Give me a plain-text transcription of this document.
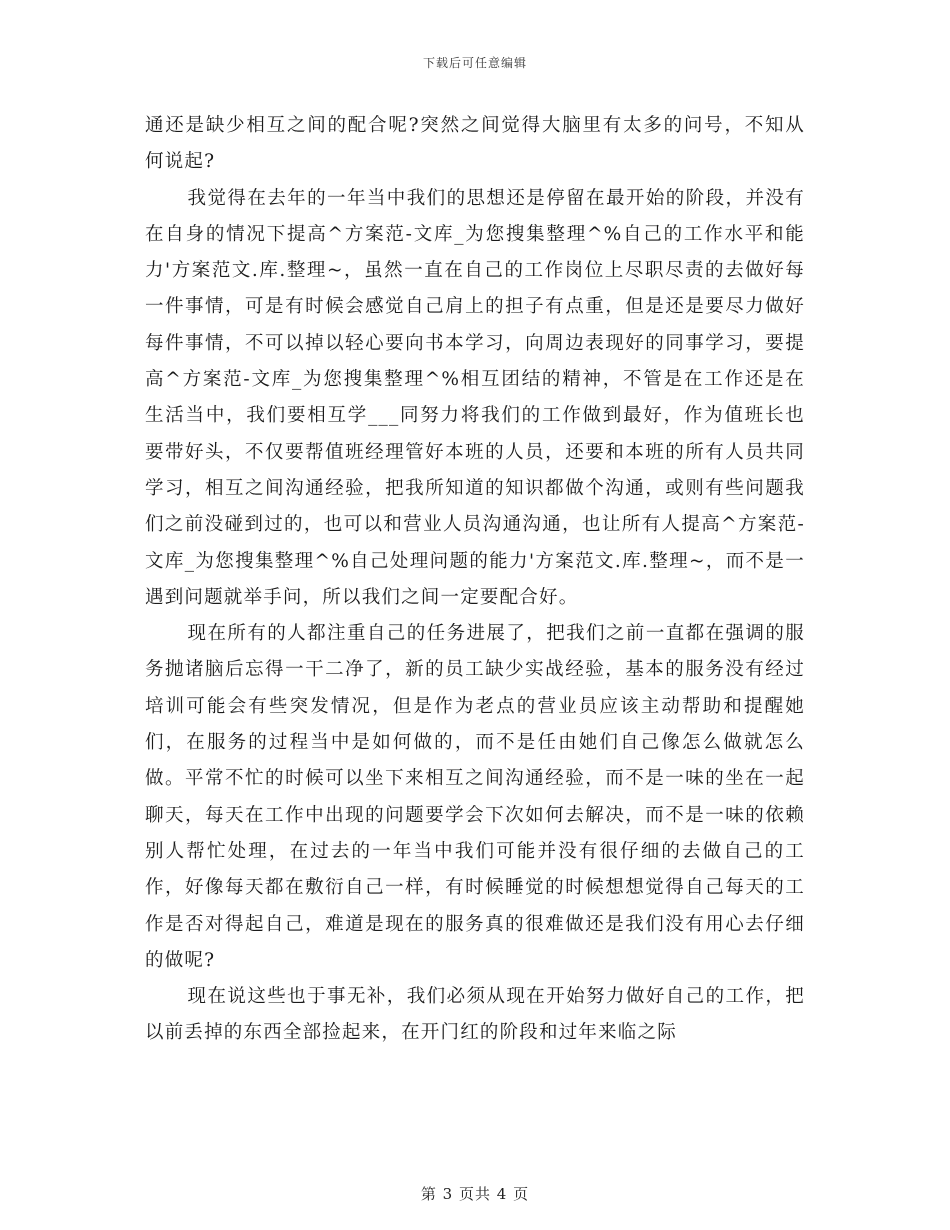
下载后可任意编辑

通还是缺少相互之间的配合呢?突然之间觉得大脑里有太多的问号，不知从何说起?

我觉得在去年的一年当中我们的思想还是停留在最开始的阶段，并没有在自身的情况下提高^方案范-文库_为您搜集整理^%自己的工作水平和能力'方案范文.库.整理~，虽然一直在自己的工作岗位上尽职尽责的去做好每一件事情，可是有时候会感觉自己肩上的担子有点重，但是还是要尽力做好每件事情，不可以掉以轻心要向书本学习，向周边表现好的同事学习，要提高^方案范-文库_为您搜集整理^%相互团结的精神，不管是在工作还是在生活当中，我们要相互学___同努力将我们的工作做到最好，作为值班长也要带好头，不仅要帮值班经理管好本班的人员，还要和本班的所有人员共同学习，相互之间沟通经验，把我所知道的知识都做个沟通，或则有些问题我们之前没碰到过的，也可以和营业人员沟通沟通，也让所有人提高^方案范-文库_为您搜集整理^%自己处理问题的能力'方案范文.库.整理~，而不是一遇到问题就举手问，所以我们之间一定要配合好。

现在所有的人都注重自己的任务进展了，把我们之前一直都在强调的服务抛诸脑后忘得一干二净了，新的员工缺少实战经验，基本的服务没有经过培训可能会有些突发情况，但是作为老点的营业员应该主动帮助和提醒她们，在服务的过程当中是如何做的，而不是任由她们自己像怎么做就怎么做。平常不忙的时候可以坐下来相互之间沟通经验，而不是一味的坐在一起聊天，每天在工作中出现的问题要学会下次如何去解决，而不是一味的依赖别人帮忙处理，在过去的一年当中我们可能并没有很仔细的去做自己的工作，好像每天都在敷衍自己一样，有时候睡觉的时候想想觉得自己每天的工作是否对得起自己，难道是现在的服务真的很难做还是我们没有用心去仔细的做呢?

现在说这些也于事无补，我们必须从现在开始努力做好自己的工作，把以前丢掉的东西全部捡起来，在开门红的阶段和过年来临之际

第 3 页共 4 页
